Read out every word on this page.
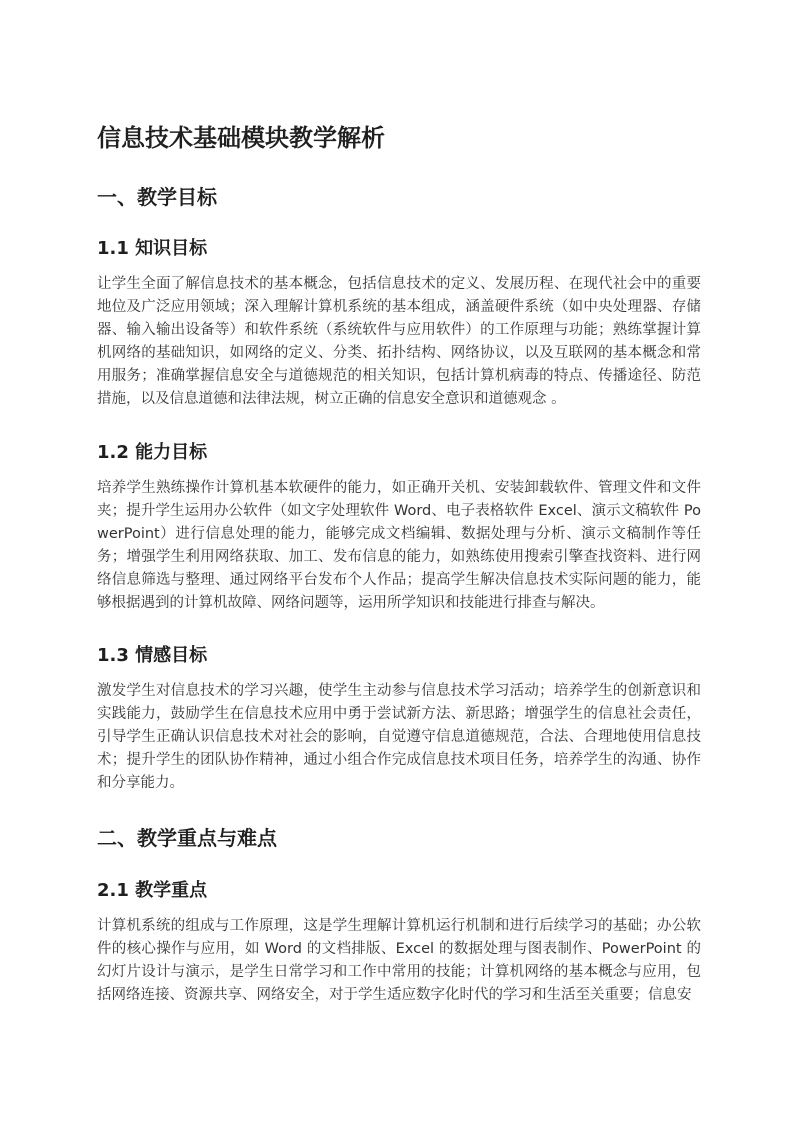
信息技术基础模块教学解析
一、教学目标
1.1 知识目标

让学生全面了解信息技术的基本概念，包括信息技术的定义、发展历程、在现代社会中的重要地位及广泛应用领域；深入理解计算机系统的基本组成，涵盖硬件系统（如中央处理器、存储器、输入输出设备等）和软件系统（系统软件与应用软件）的工作原理与功能；熟练掌握计算机网络的基础知识，如网络的定义、分类、拓扑结构、网络协议，以及互联网的基本概念和常用服务；准确掌握信息安全与道德规范的相关知识，包括计算机病毒的特点、传播途径、防范措施，以及信息道德和法律法规，树立正确的信息安全意识和道德观念 。

1.2 能力目标

培养学生熟练操作计算机基本软硬件的能力，如正确开关机、安装卸载软件、管理文件和文件夹；提升学生运用办公软件（如文字处理软件 Word、电子表格软件 Excel、演示文稿软件 PowerPoint）进行信息处理的能力，能够完成文档编辑、数据处理与分析、演示文稿制作等任务；增强学生利用网络获取、加工、发布信息的能力，如熟练使用搜索引擎查找资料、进行网络信息筛选与整理、通过网络平台发布个人作品；提高学生解决信息技术实际问题的能力，能够根据遇到的计算机故障、网络问题等，运用所学知识和技能进行排查与解决。

1.3 情感目标

激发学生对信息技术的学习兴趣，使学生主动参与信息技术学习活动；培养学生的创新意识和实践能力，鼓励学生在信息技术应用中勇于尝试新方法、新思路；增强学生的信息社会责任，引导学生正确认识信息技术对社会的影响，自觉遵守信息道德规范，合法、合理地使用信息技术；提升学生的团队协作精神，通过小组合作完成信息技术项目任务，培养学生的沟通、协作和分享能力。

二、教学重点与难点
2.1 教学重点

计算机系统的组成与工作原理，这是学生理解计算机运行机制和进行后续学习的基础；办公软件的核心操作与应用，如 Word 的文档排版、Excel 的数据处理与图表制作、PowerPoint 的幻灯片设计与演示，是学生日常学习和工作中常用的技能；计算机网络的基本概念与应用，包括网络连接、资源共享、网络安全，对于学生适应数字化时代的学习和生活至关重要；信息安
